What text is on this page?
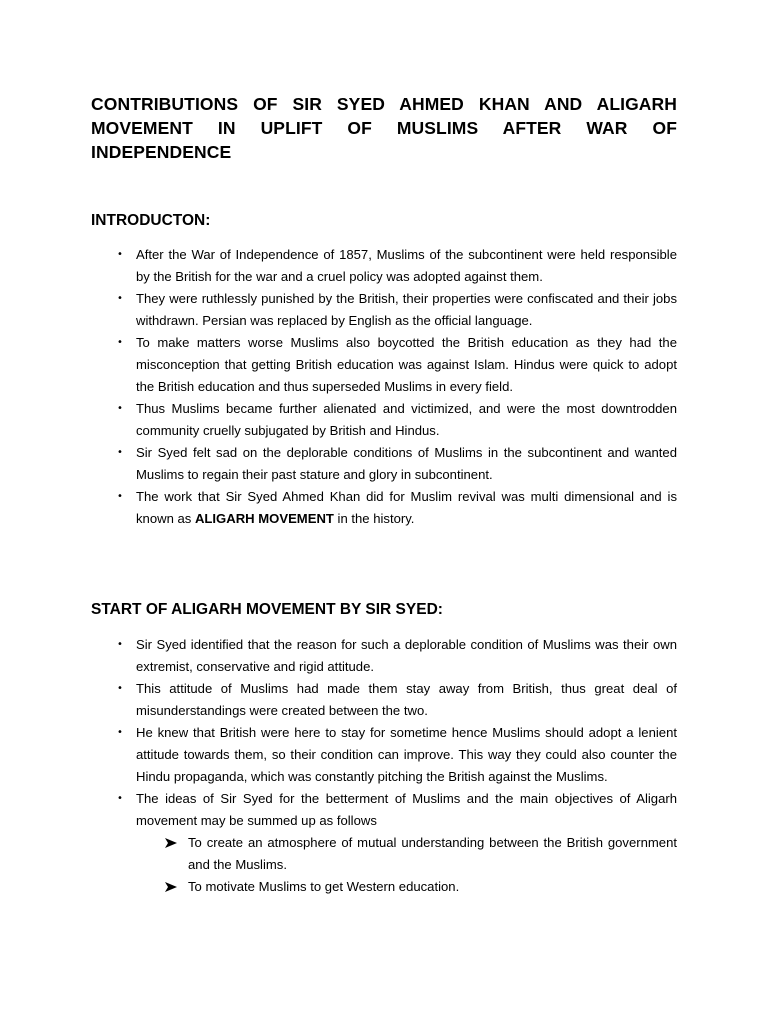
CONTRIBUTIONS OF SIR SYED AHMED KHAN AND ALIGARH MOVEMENT IN UPLIFT OF MUSLIMS AFTER WAR OF INDEPENDENCE
INTRODUCTON:
• After the War of Independence of 1857, Muslims of the subcontinent were held responsible by the British for the war and a cruel policy was adopted against them.
• They were ruthlessly punished by the British, their properties were confiscated and their jobs withdrawn. Persian was replaced by English as the official language.
• To make matters worse Muslims also boycotted the British education as they had the misconception that getting British education was against Islam. Hindus were quick to adopt the British education and thus superseded Muslims in every field.
• Thus Muslims became further alienated and victimized, and were the most downtrodden community cruelly subjugated by British and Hindus.
• Sir Syed felt sad on the deplorable conditions of Muslims in the subcontinent and wanted Muslims to regain their past stature and glory in subcontinent.
• The work that Sir Syed Ahmed Khan did for Muslim revival was multi dimensional and is known as ALIGARH MOVEMENT in the history.
START OF ALIGARH MOVEMENT BY SIR SYED:
• Sir Syed identified that the reason for such a deplorable condition of Muslims was their own extremist, conservative and rigid attitude.
• This attitude of Muslims had made them stay away from British, thus great deal of misunderstandings were created between the two.
• He knew that British were here to stay for sometime hence Muslims should adopt a lenient attitude towards them, so their condition can improve. This way they could also counter the Hindu propaganda, which was constantly pitching the British against the Muslims.
• The ideas of Sir Syed for the betterment of Muslims and the main objectives of Aligarh movement may be summed up as follows
To create an atmosphere of mutual understanding between the British government and the Muslims.
To motivate Muslims to get Western education.
